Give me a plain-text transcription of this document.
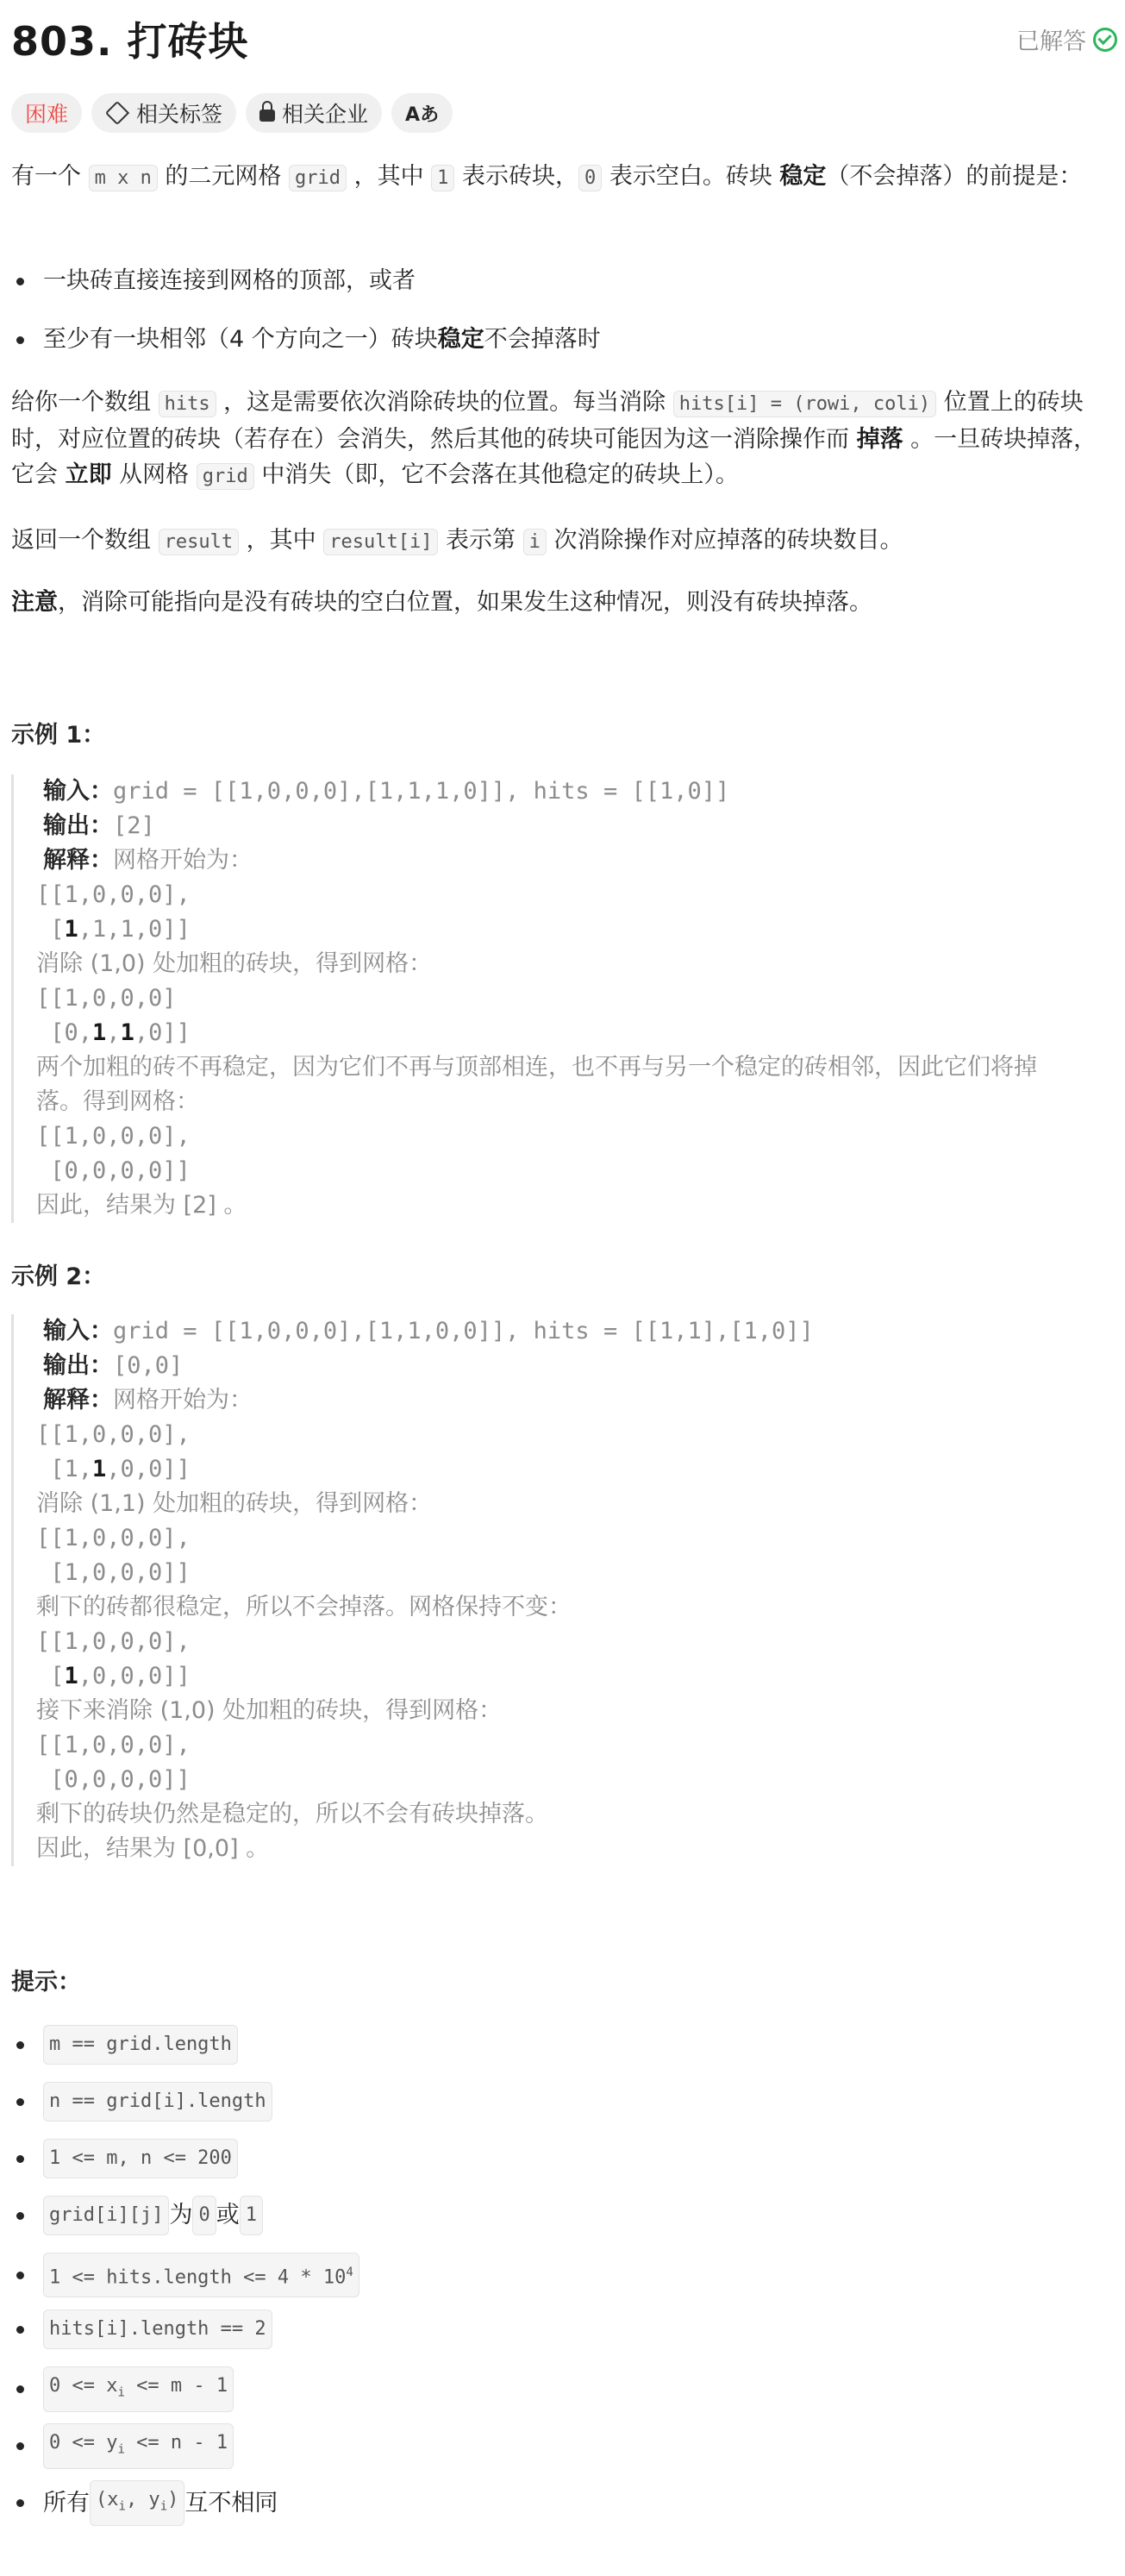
803. 打砖块	已解答
困难	相关标签	相关企业 Aあ

有一个 m x n 的二元网格 grid ，其中 1 表示砖块， 0 表示空白。砖块 稳定（不会掉落）的前提是：

一块砖直接连接到网格的顶部，或者
至少有一块相邻（4 个方向之一）砖块 稳定 不会掉落时

给你一个数组 hits ，这是需要依次消除砖块的位置。每当消除 hits[i] = (rowi, coli) 位置上的砖块时，对应位置的砖块（若存在）会消失，然后其他的砖块可能因为这一消除操作而 掉落 。一旦砖块掉落，它会 立即 从网格 grid 中消失（即，它不会落在其他稳定的砖块上）。

返回一个数组 result ，其中 result[i] 表示第 i 次消除操作对应掉落的砖块数目。

注意，消除可能指向是没有砖块的空白位置，如果发生这种情况，则没有砖块掉落。

示例 1：
输入：grid = [[1,0,0,0],[1,1,1,0]], hits = [[1,0]]
输出：[2]
解释：网格开始为：
[[1,0,0,0],
[1,1,1,0]]
消除 (1,0) 处加粗的砖块，得到网格：
[[1,0,0,0]
[0,1,1,0]]
两个加粗的砖不再稳定，因为它们不再与顶部相连，也不再与另一个稳定的砖相邻，因此它们将掉
落。得到网格：
[[1,0,0,0],
[0,0,0,0]]
因此，结果为 [2] 。
示例 2：
输入：grid = [[1,0,0,0],[1,1,0,0]], hits = [[1,1],[1,0]]
输出：[0,0]
解释：网格开始为：
[[1,0,0,0],
[1,1,0,0]]
消除 (1,1) 处加粗的砖块，得到网格：
[[1,0,0,0],
[1,0,0,0]]
剩下的砖都很稳定，所以不会掉落。网格保持不变：
[[1,0,0,0],
[1,0,0,0]]
接下来消除 (1,0) 处加粗的砖块，得到网格：
[[1,0,0,0],
[0,0,0,0]]
剩下的砖块仍然是稳定的，所以不会有砖块掉落。
因此，结果为 [0,0] 。
提示：
m == grid.length
n == grid[i].length
1 <= m, n <= 200
grid[i][j] 为 0 或 1
1 <= hits.length <= $4 * 10^4$
hits[i].length == 2
$0 <= x_i <= m - 1$
$0 <= y_i <= n - 1$
所有 ($x_i$, $y_i$) 互不相同
